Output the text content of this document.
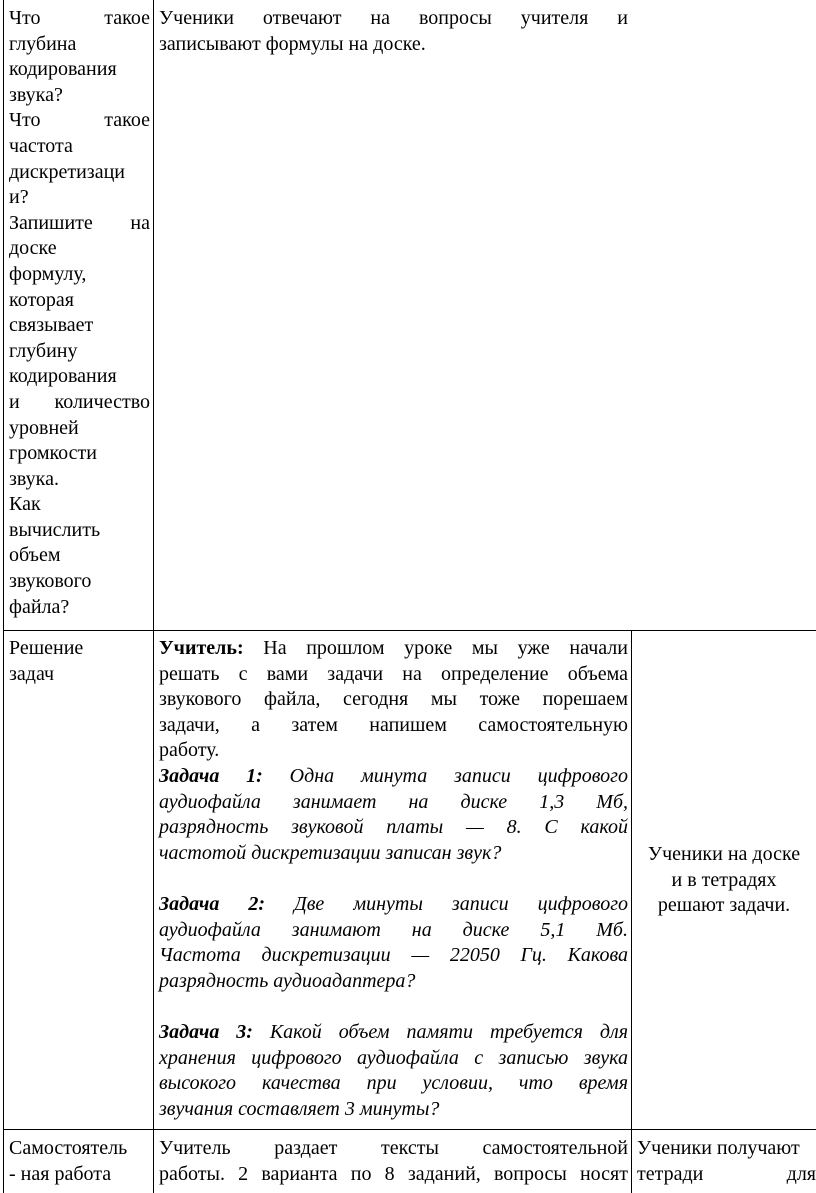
Что такое
глубина
кодирования
звука?
Что такое
частота
дискретизаци
и?
Запишите на
доске
формулу,
которая
связывает
глубину
кодирования
и количество
уровней
громкости
звука.
Как
вычислить
объем
звукового
файла?
Ученики отвечают на вопросы учителя и
записывают формулы на доске.
Решение
задач
Учитель: На прошлом уроке мы уже начали
решать с вами задачи на определение объема
звукового файла, сегодня мы тоже порешаем
задачи, а затем напишем самостоятельную
работу.
Задача 1: Одна минута записи цифрового
аудиофайла занимает на диске 1,3 Мб,
разрядность звуковой платы — 8. С какой
частотой дискретизации записан звук?
Задача 2: Две минуты записи цифрового
аудиофайла занимают на диске 5,1 Мб.
Частота дискретизации — 22050 Гц. Какова
разрядность аудиоадаптера?
Задача 3: Какой объем памяти требуется для
хранения цифрового аудиофайла с записью звука
высокого качества при условии, что время
звучания составляет 3 минуты?
Ученики на доске
и в тетрадях
решают задачи.
Самостоятель
- ная работа
Учитель раздает тексты самостоятельной
работы. 2 варианта по 8 заданий, вопросы носят
Ученики получают
тетради для
